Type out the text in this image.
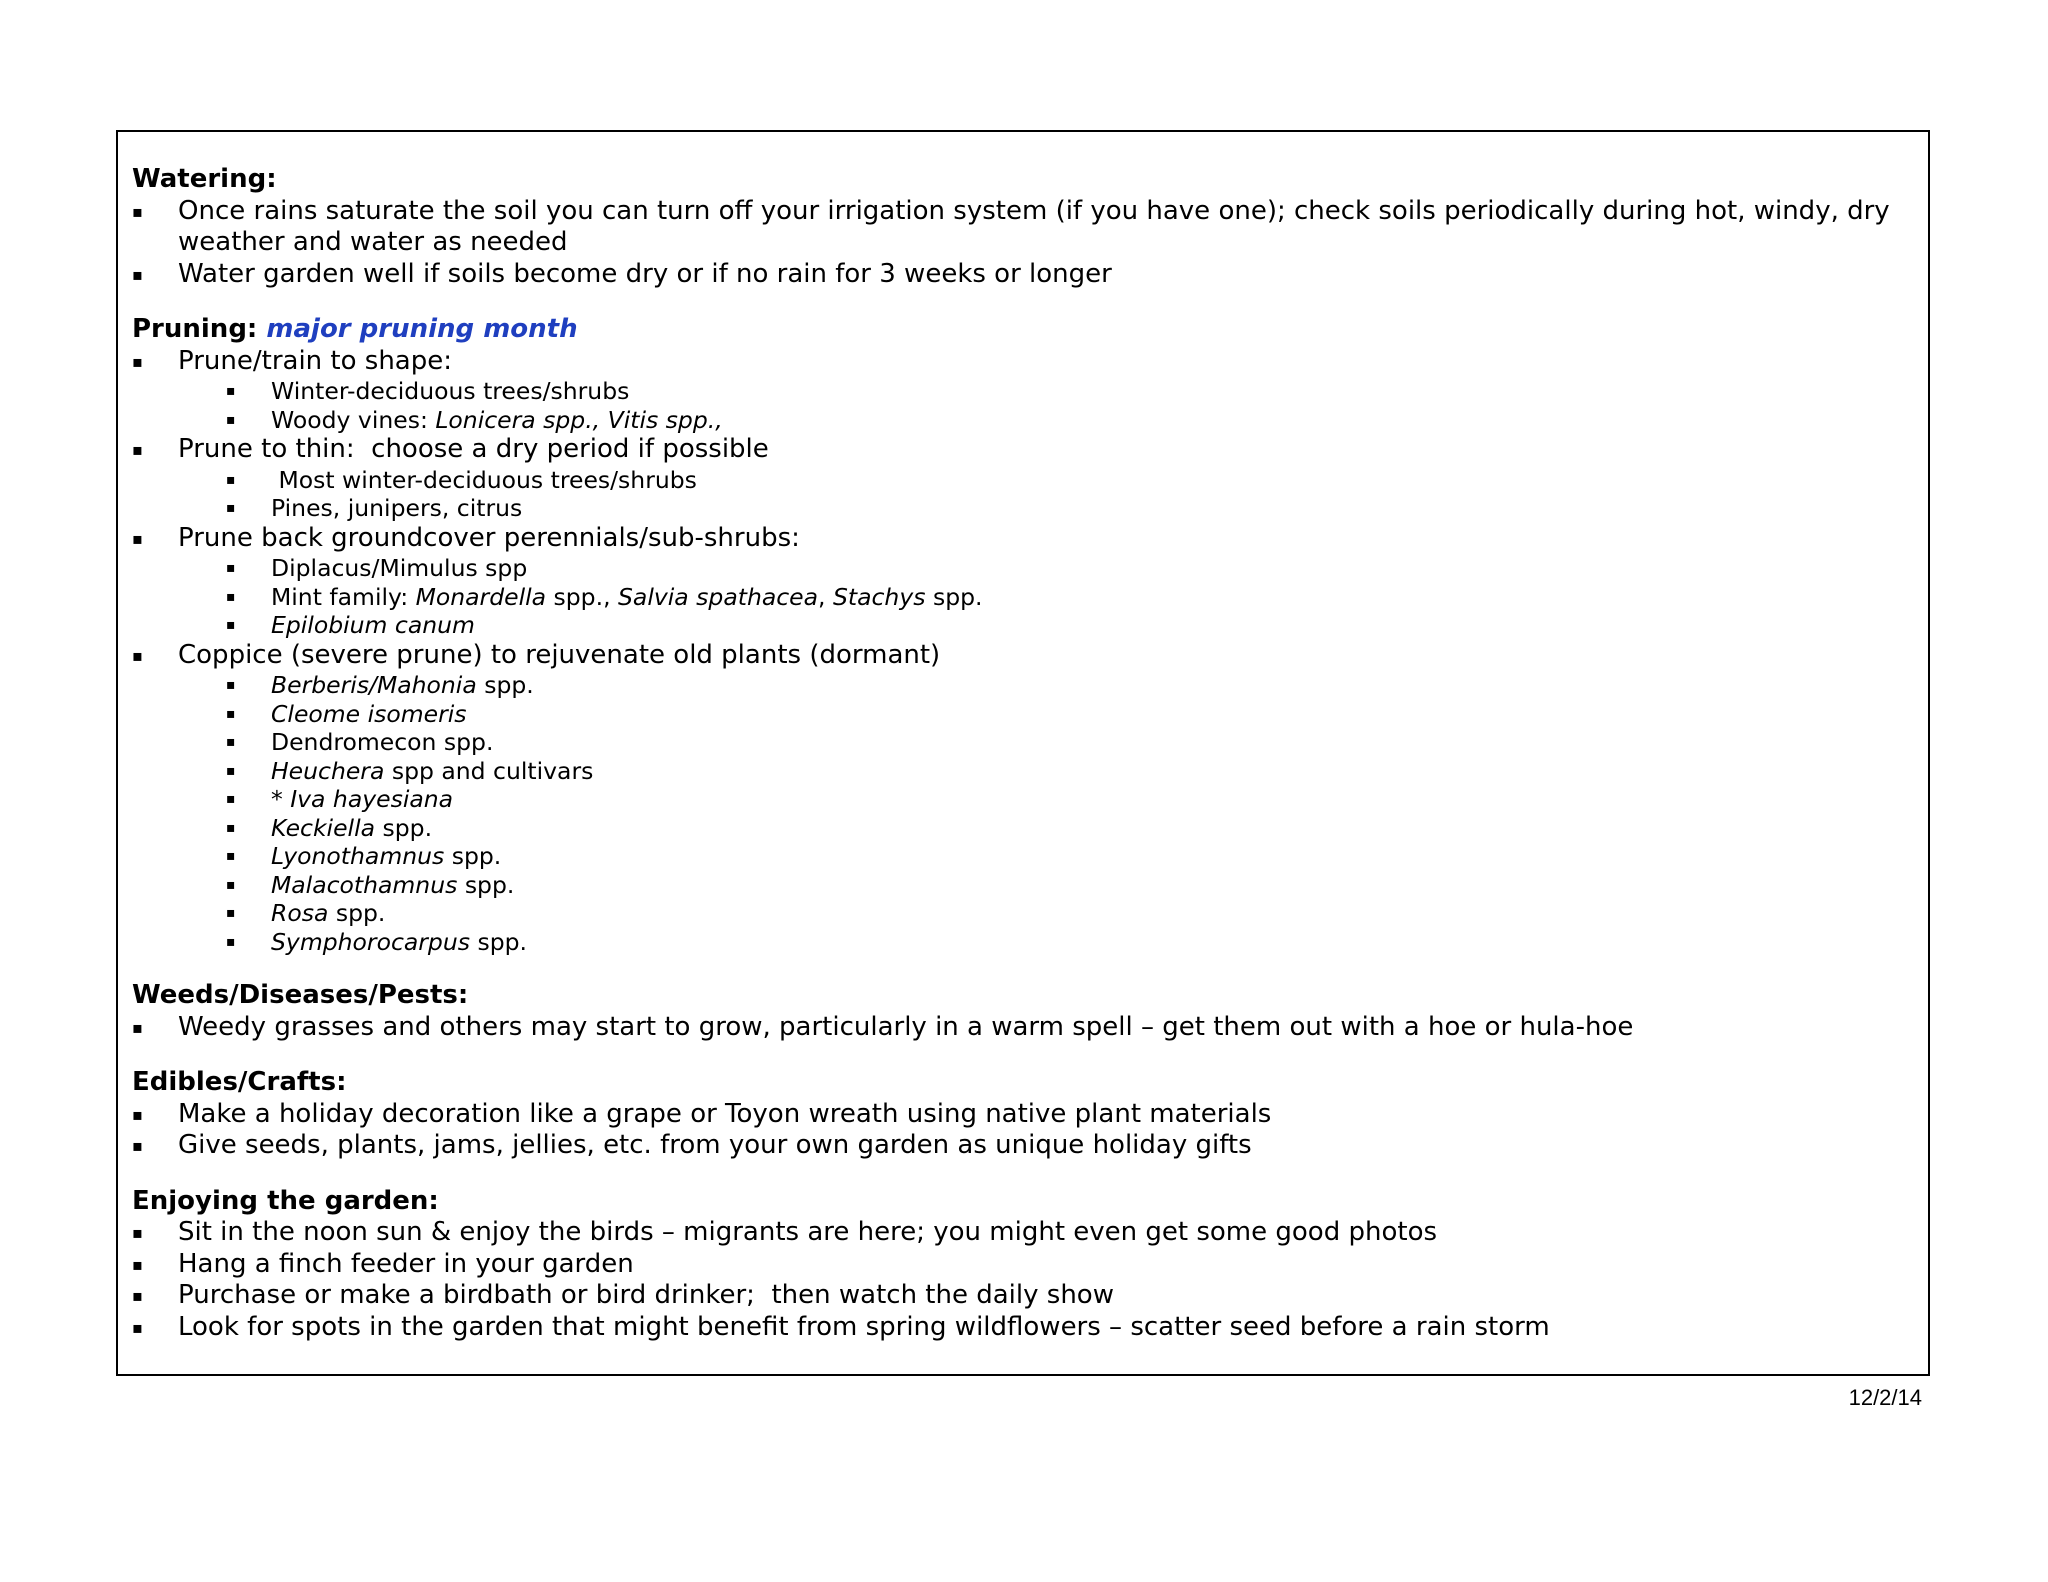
Watering:
▪ Once rains saturate the soil you can turn off your irrigation system (if you have one); check soils periodically during hot, windy, dry weather and water as needed
▪ Water garden well if soils become dry or if no rain for 3 weeks or longer
Pruning: major pruning month
▪ Prune/train to shape:
▪ Winter-deciduous trees/shrubs
▪ Woody vines: Lonicera spp., Vitis spp.,
▪ Prune to thin:  choose a dry period if possible
▪ Most winter-deciduous trees/shrubs
▪ Pines, junipers, citrus
▪ Prune back groundcover perennials/sub-shrubs:
▪ Diplacus/Mimulus spp
▪ Mint family: Monardella spp., Salvia spathacea, Stachys spp.
▪ Epilobium canum
▪ Coppice (severe prune) to rejuvenate old plants (dormant)
▪ Berberis/Mahonia spp.
▪ Cleome isomeris
▪ Dendromecon spp.
▪ Heuchera spp and cultivars
▪ * Iva hayesiana
▪ Keckiella spp.
▪ Lyonothamnus spp.
▪ Malacothamnus spp.
▪ Rosa spp.
▪ Symphorocarpus spp.
Weeds/Diseases/Pests:
▪ Weedy grasses and others may start to grow, particularly in a warm spell – get them out with a hoe or hula-hoe
Edibles/Crafts:
▪ Make a holiday decoration like a grape or Toyon wreath using native plant materials
▪ Give seeds, plants, jams, jellies, etc. from your own garden as unique holiday gifts
Enjoying the garden:
▪ Sit in the noon sun & enjoy the birds – migrants are here; you might even get some good photos
▪ Hang a finch feeder in your garden
▪ Purchase or make a birdbath or bird drinker;  then watch the daily show
▪ Look for spots in the garden that might benefit from spring wildflowers – scatter seed before a rain storm
12/2/14
